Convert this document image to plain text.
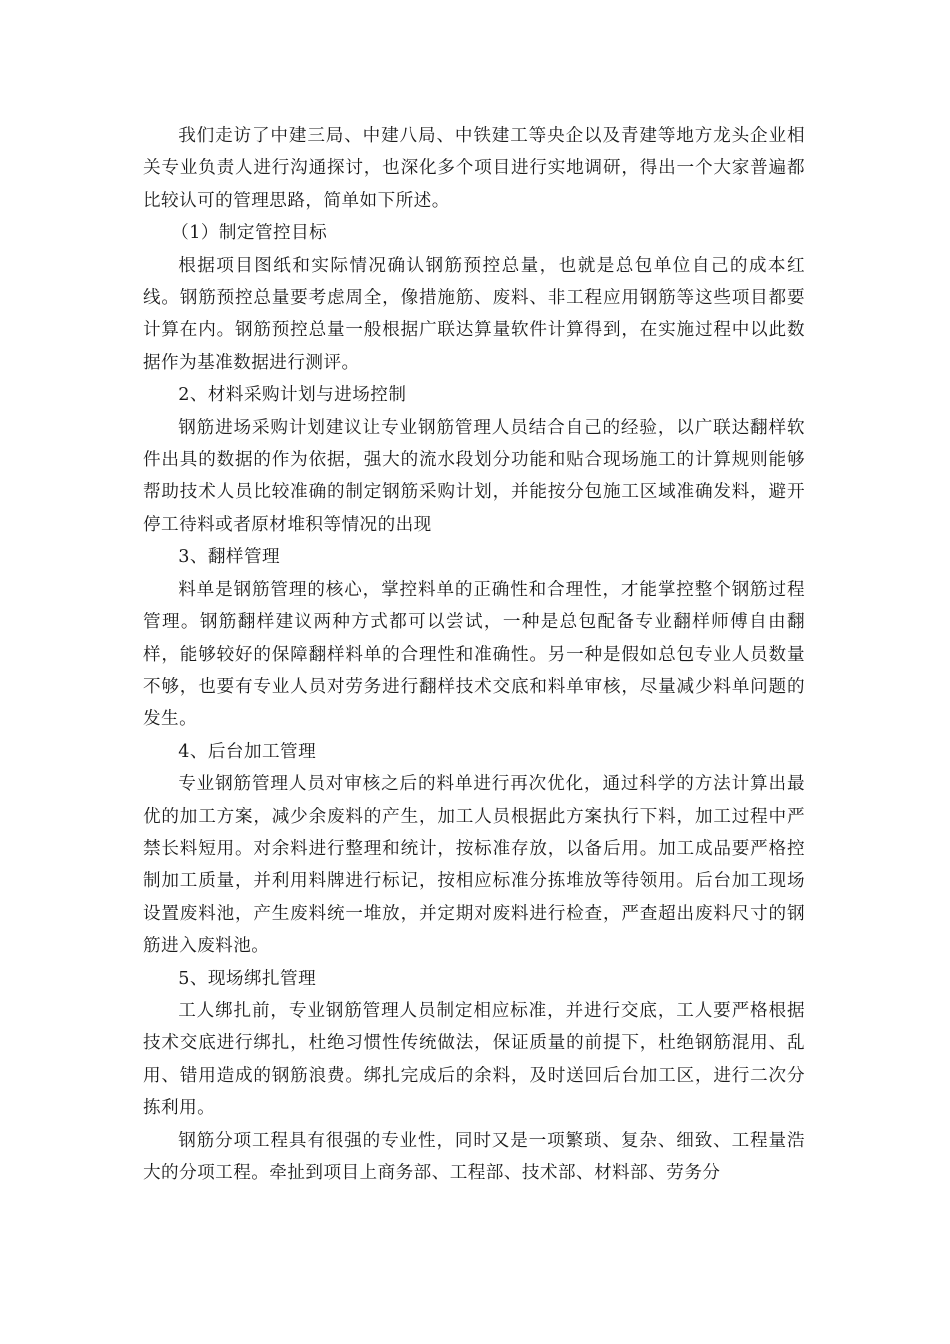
我们走访了中建三局、中建八局、中铁建工等央企以及青建等地方龙头企业相关专业负责人进行沟通探讨，也深化多个项目进行实地调研，得出一个大家普遍都比较认可的管理思路，简单如下所述。

（1）制定管控目标

根据项目图纸和实际情况确认钢筋预控总量，也就是总包单位自己的成本红线。钢筋预控总量要考虑周全，像措施筋、废料、非工程应用钢筋等这些项目都要计算在内。钢筋预控总量一般根据广联达算量软件计算得到，在实施过程中以此数据作为基准数据进行测评。

2、材料采购计划与进场控制

钢筋进场采购计划建议让专业钢筋管理人员结合自己的经验，以广联达翻样软件出具的数据的作为依据，强大的流水段划分功能和贴合现场施工的计算规则能够帮助技术人员比较准确的制定钢筋采购计划，并能按分包施工区域准确发料，避开停工待料或者原材堆积等情况的出现

3、翻样管理

料单是钢筋管理的核心，掌控料单的正确性和合理性，才能掌控整个钢筋过程管理。钢筋翻样建议两种方式都可以尝试，一种是总包配备专业翻样师傅自由翻样，能够较好的保障翻样料单的合理性和准确性。另一种是假如总包专业人员数量不够，也要有专业人员对劳务进行翻样技术交底和料单审核，尽量减少料单问题的发生。

4、后台加工管理

专业钢筋管理人员对审核之后的料单进行再次优化，通过科学的方法计算出最优的加工方案，减少余废料的产生，加工人员根据此方案执行下料，加工过程中严禁长料短用。对余料进行整理和统计，按标准存放，以备后用。加工成品要严格控制加工质量，并利用料牌进行标记，按相应标准分拣堆放等待领用。后台加工现场设置废料池，产生废料统一堆放，并定期对废料进行检查，严查超出废料尺寸的钢筋进入废料池。

5、现场绑扎管理

工人绑扎前，专业钢筋管理人员制定相应标准，并进行交底，工人要严格根据技术交底进行绑扎，杜绝习惯性传统做法，保证质量的前提下，杜绝钢筋混用、乱用、错用造成的钢筋浪费。绑扎完成后的余料，及时送回后台加工区，进行二次分拣利用。

钢筋分项工程具有很强的专业性，同时又是一项繁琐、复杂、细致、工程量浩大的分项工程。牵扯到项目上商务部、工程部、技术部、材料部、劳务分
